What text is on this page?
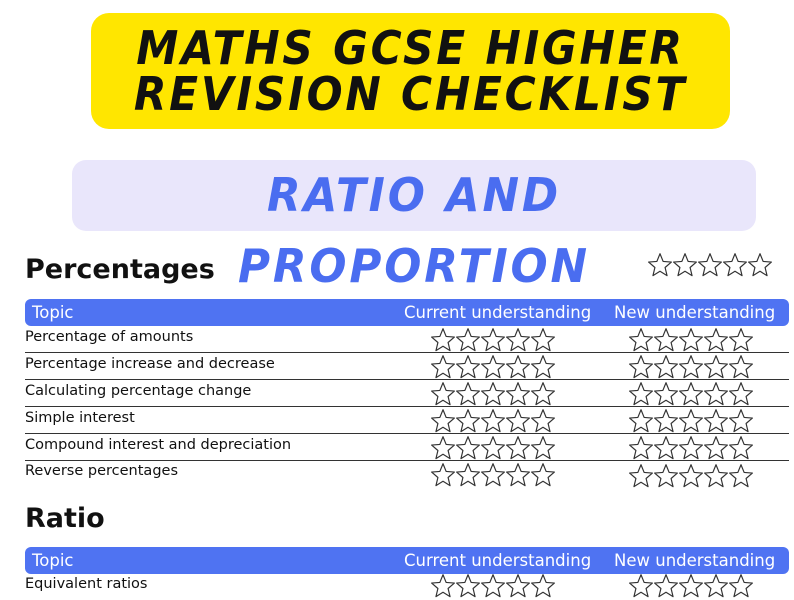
MATHS GCSE HIGHER
REVISION CHECKLIST
RATIO AND PROPORTION
Percentages
Topic	Current understanding New understanding
Percentage of amounts
Percentage increase and decrease
Calculating percentage change
Simple interest
Compound interest and depreciation
Reverse percentages
Ratio
Topic	Current understanding New understanding
Equivalent ratios
